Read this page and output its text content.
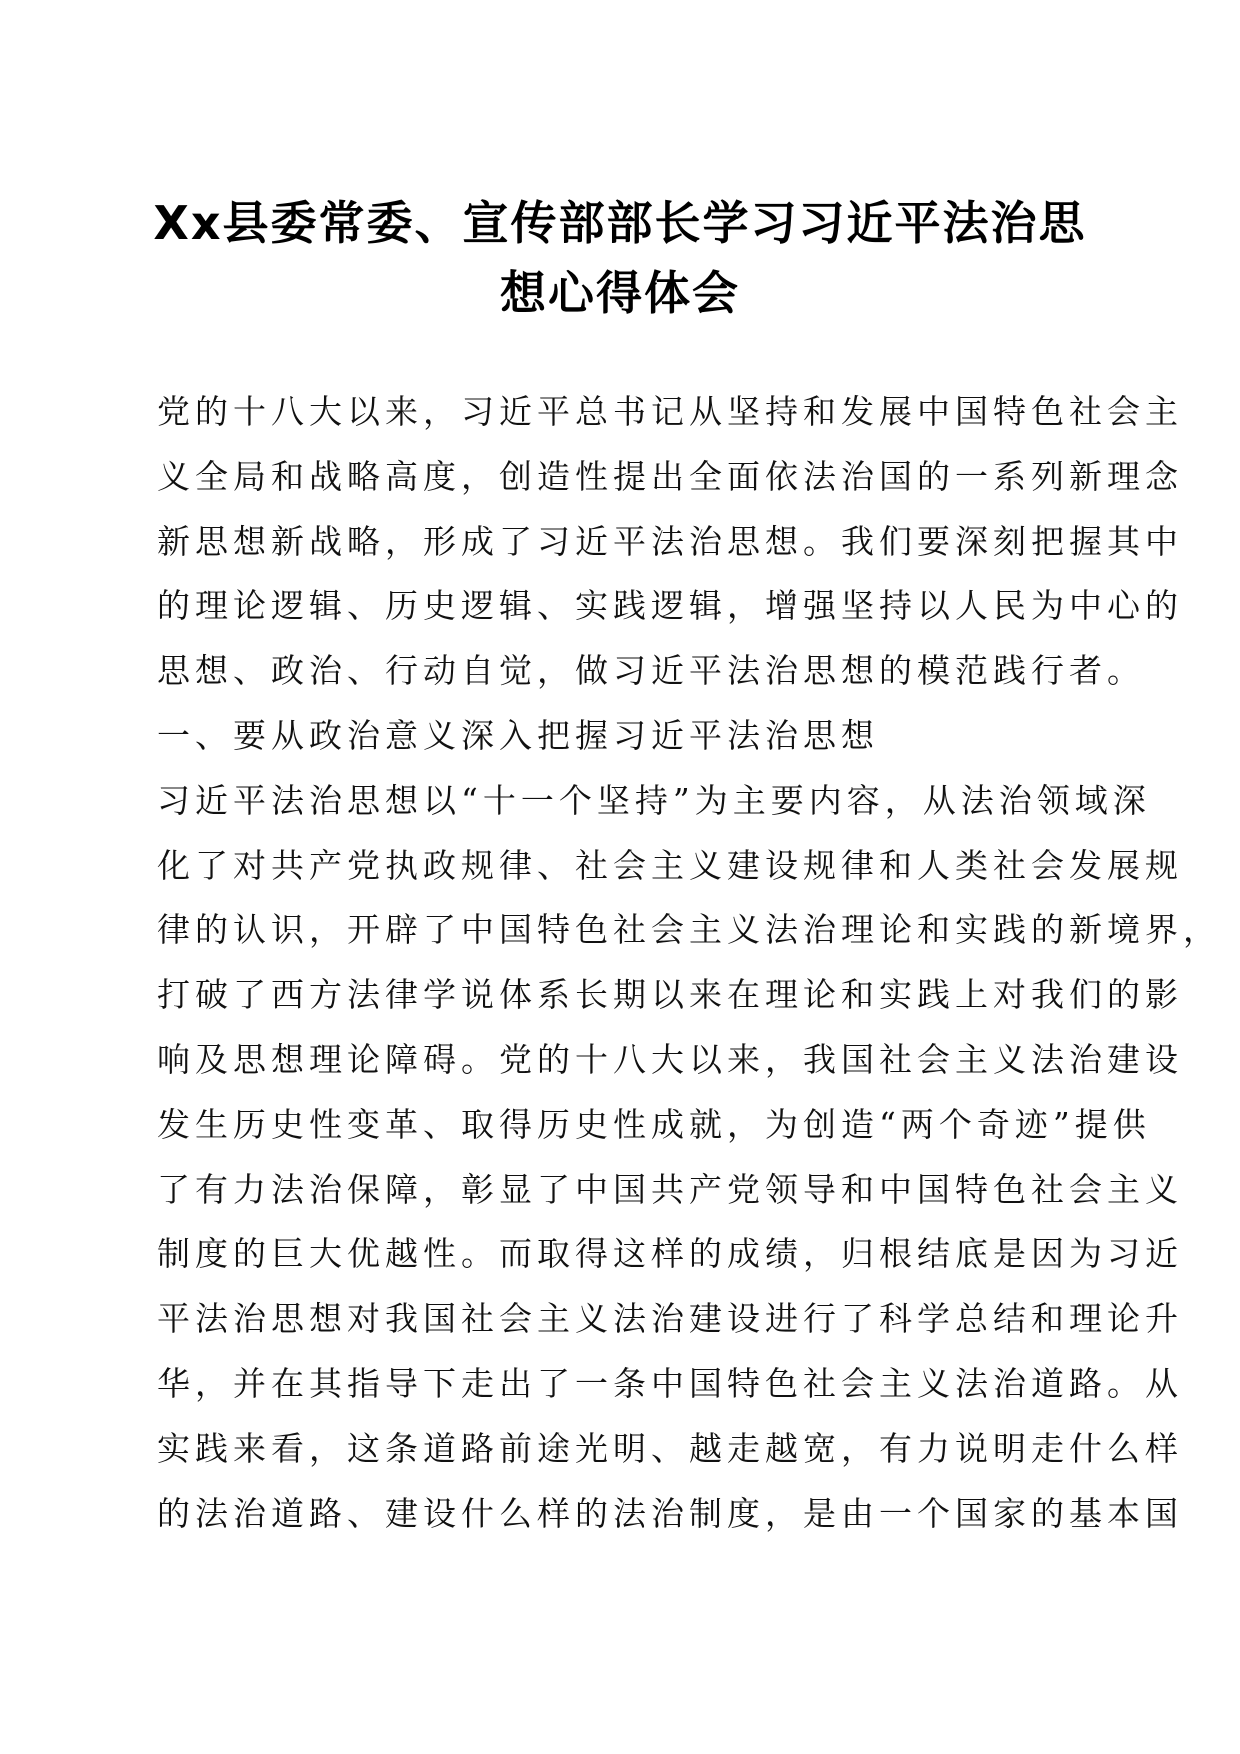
Xx县委常委、宣传部部长学习习近平法治思
想心得体会
党的十八大以来，习近平总书记从坚持和发展中国特色社会主
义全局和战略高度，创造性提出全面依法治国的一系列新理念
新思想新战略，形成了习近平法治思想。我们要深刻把握其中
的理论逻辑、历史逻辑、实践逻辑，增强坚持以人民为中心的
思想、政治、行动自觉，做习近平法治思想的模范践行者。
一、要从政治意义深入把握习近平法治思想
习近平法治思想以“十一个坚持”为主要内容，从法治领域深
化了对共产党执政规律、社会主义建设规律和人类社会发展规
律的认识，开辟了中国特色社会主义法治理论和实践的新境界，
打破了西方法律学说体系长期以来在理论和实践上对我们的影
响及思想理论障碍。党的十八大以来，我国社会主义法治建设
发生历史性变革、取得历史性成就，为创造“两个奇迹”提供
了有力法治保障，彰显了中国共产党领导和中国特色社会主义
制度的巨大优越性。而取得这样的成绩，归根结底是因为习近
平法治思想对我国社会主义法治建设进行了科学总结和理论升
华，并在其指导下走出了一条中国特色社会主义法治道路。从
实践来看，这条道路前途光明、越走越宽，有力说明走什么样
的法治道路、建设什么样的法治制度，是由一个国家的基本国
